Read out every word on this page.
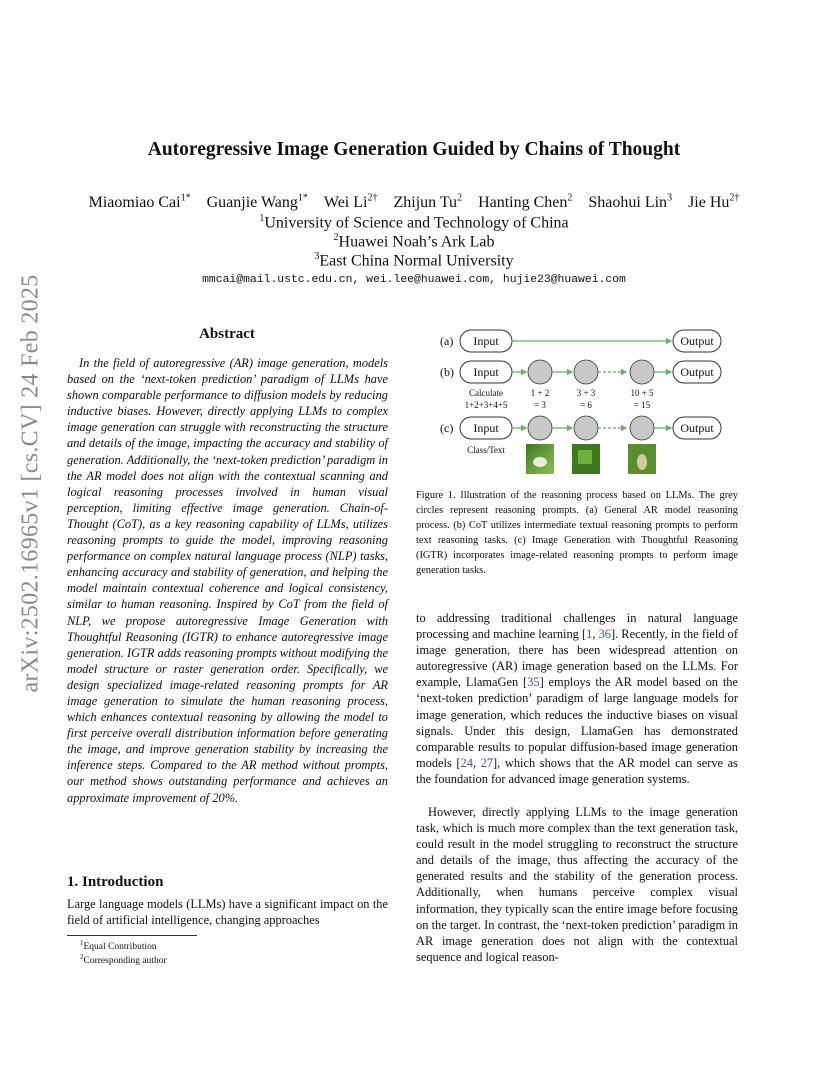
arXiv:2502.16965v1 [cs.CV] 24 Feb 2025
Autoregressive Image Generation Guided by Chains of Thought
Miaomiao Cai$^{1*}$ Guanjie Wang$^{1*}$ Wei $Li^{2\dagger}$ Zhijun Tu$^2$ Hanting Chen$^2$ Shaohui Lin$^3$ Jie $Hu^{2\dagger}$
$^1$University of Science and Technology of China
$^2$Huawei Noah’s Ark Lab
$^3$East China Normal University
mmcai@mail.ustc.edu.cn, wei.lee@huawei.com, hujie23@huawei.com
Abstract

In the field of autoregressive (AR) image generation, models based on the ‘next-token prediction’ paradigm of LLMs have shown comparable performance to diffusion models by reducing inductive biases. However, directly applying LLMs to complex image generation can struggle with reconstructing the structure and details of the image, impacting the accuracy and stability of generation. Additionally, the ‘next-token prediction’ paradigm in the AR model does not align with the contextual scanning and logical reasoning processes involved in human visual perception, limiting effective image generation. Chain-of-Thought (CoT), as a key reasoning capability of LLMs, utilizes reasoning prompts to guide the model, improving reasoning performance on complex natural language process (NLP) tasks, enhancing accuracy and stability of generation, and helping the model maintain contextual coherence and logical consistency, similar to human reasoning. Inspired by CoT from the field of NLP, we propose autoregressive Image Generation with Thoughtful Reasoning (IGTR) to enhance autoregressive image generation. IGTR adds reasoning prompts without modifying the model structure or raster generation order. Specifically, we design specialized image-related reasoning prompts for AR image generation to simulate the human reasoning process, which enhances contextual reasoning by allowing the model to first perceive overall distribution information before generating the image, and improve generation stability by increasing the inference steps. Compared to the AR method without prompts, our method shows outstanding performance and achieves an approximate improvement of 20%.

1. Introduction

Large language models (LLMs) have a significant impact on the field of artificial intelligence, changing approaches

$^1$Equal Contribution
$^2$Corresponding author
(a) Input	Output
(b) Input	Output
Calculate
1+2+3+4+5
1 + 2
= 3
3 + 3
= 6
10 + 5
= 15
(c) Input	Output
Class/Text

Figure 1. Illustration of the reasoning process based on LLMs. The grey circles represent reasoning prompts. (a) General AR model reasoning process. (b) CoT utilizes intermediate textual reasoning prompts to perform text reasoning tasks. (c) Image Generation with Thoughtful Reasoning (IGTR) incorporates image-related reasoning prompts to perform image generation tasks.

to addressing traditional challenges in natural language processing and machine learning [1, 36]. Recently, in the field of image generation, there has been widespread attention on autoregressive (AR) image generation based on the LLMs. For example, LlamaGen [35] employs the AR model based on the ‘next-token prediction’ paradigm of large language models for image generation, which reduces the inductive biases on visual signals. Under this design, LlamaGen has demonstrated comparable results to popular diffusion-based image generation models [24, 27], which shows that the AR model can serve as the foundation for advanced image generation systems.

However, directly applying LLMs to the image generation task, which is much more complex than the text generation task, could result in the model struggling to reconstruct the structure and details of the image, thus affecting the accuracy of the generated results and the stability of the generation process. Additionally, when humans perceive complex visual information, they typically scan the entire image before focusing on the target. In contrast, the ‘next-token prediction’ paradigm in AR image generation does not align with the contextual sequence and logical reason-
